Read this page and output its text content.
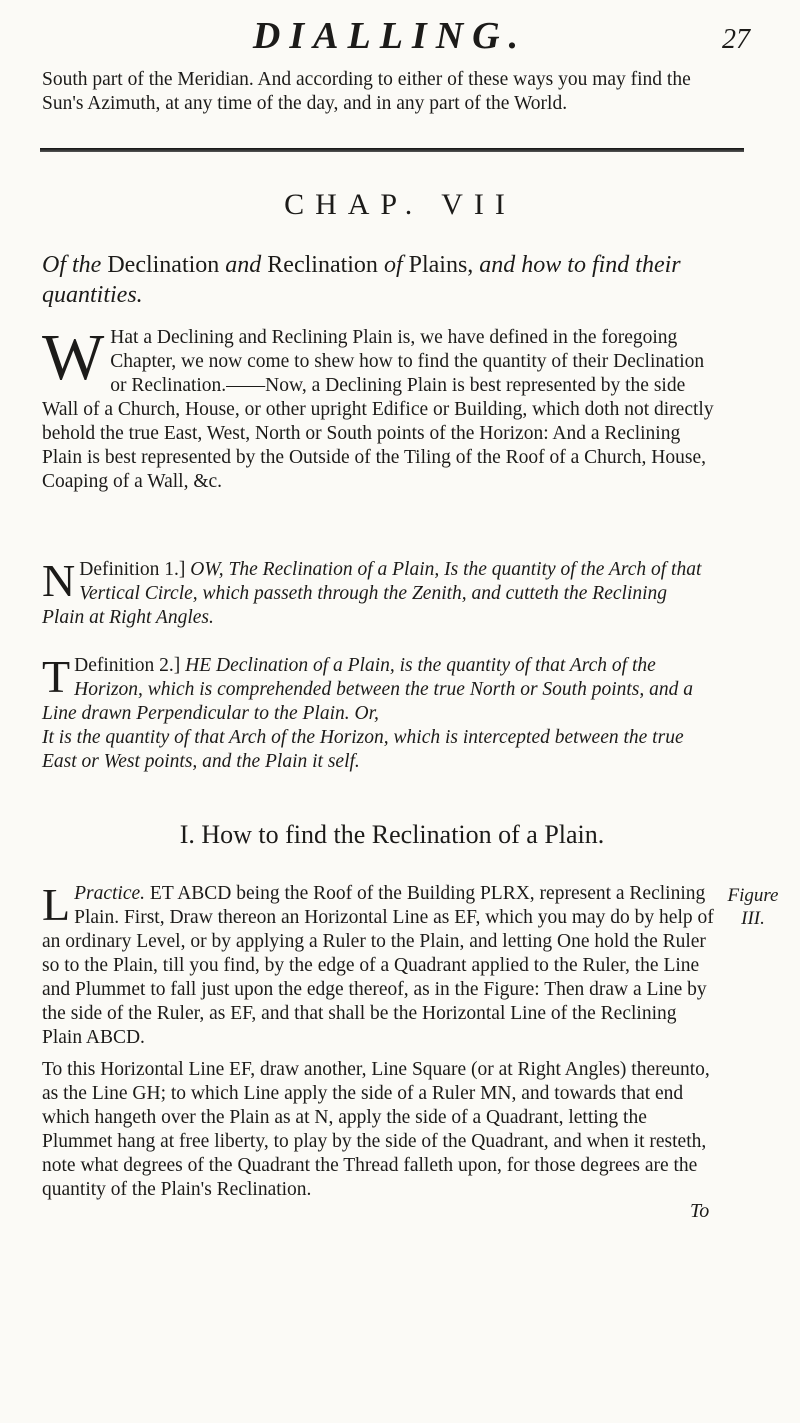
DIALLING.	27
South part of the Meridian. And according to either of these ways you may find the Sun's Azimuth, at any time of the day, and in any part of the World.
CHAP. VII
Of the Declination and Reclination of Plains, and how to find their quantities.
W Hat a Declining and Reclining Plain is, we have defined in the foregoing Chapter, we now come to shew how to find the quantity of their Declination or Reclination.——Now, a Declining Plain is best represented by the side Wall of a Church, House, or other upright Edifice or Building, which doth not directly behold the true East, West, North or South points of the Horizon: And a Reclining Plain is best represented by the Outside of the Tiling of the Roof of a Church, House, Coaping of a Wall, &c.
Definition 1.]
N	OW, The Reclination of a Plain, Is the quantity of the Arch of that Vertical Circle, which passeth through the Zenith, and cutteth the Reclining Plain at Right Angles.
Definition 2.]
T	HE Declination of a Plain, is the quantity of that Arch of the Horizon, which is comprehended between the true North or South points, and a Line drawn Perpendicular to the Plain. Or,
It is the quantity of that Arch of the Horizon, which is intercepted between the true East or West points, and the Plain it self.
I. How to find the Reclination of a Plain.
Practice.
L	ET ABCD being the Roof of the Building PLRX, represent a Reclining Plain. First, Draw thereon an Horizontal Line as EF, which you may do by help of an ordinary Level, or by applying a Ruler to the Plain, and letting One hold the Ruler so to the Plain, till you find, by the edge of a Quadrant applied to the Ruler, the Line and Plummet to fall just upon the edge thereof, as in the Figure: Then draw a Line by the side of the Ruler, as EF, and that shall be the Horizontal Line of the Reclining Plain ABCD.
Figure
III.
To this Horizontal Line EF, draw another, Line Square (or at Right Angles) thereunto, as the Line GH; to which Line apply the side of a Ruler MN, and towards that end which hangeth over the Plain as at N, apply the side of a Quadrant, letting the Plummet hang at free liberty, to play by the side of the Quadrant, and when it resteth, note what degrees of the Quadrant the Thread falleth upon, for those degrees are the quantity of the Plain's Reclination.
To
